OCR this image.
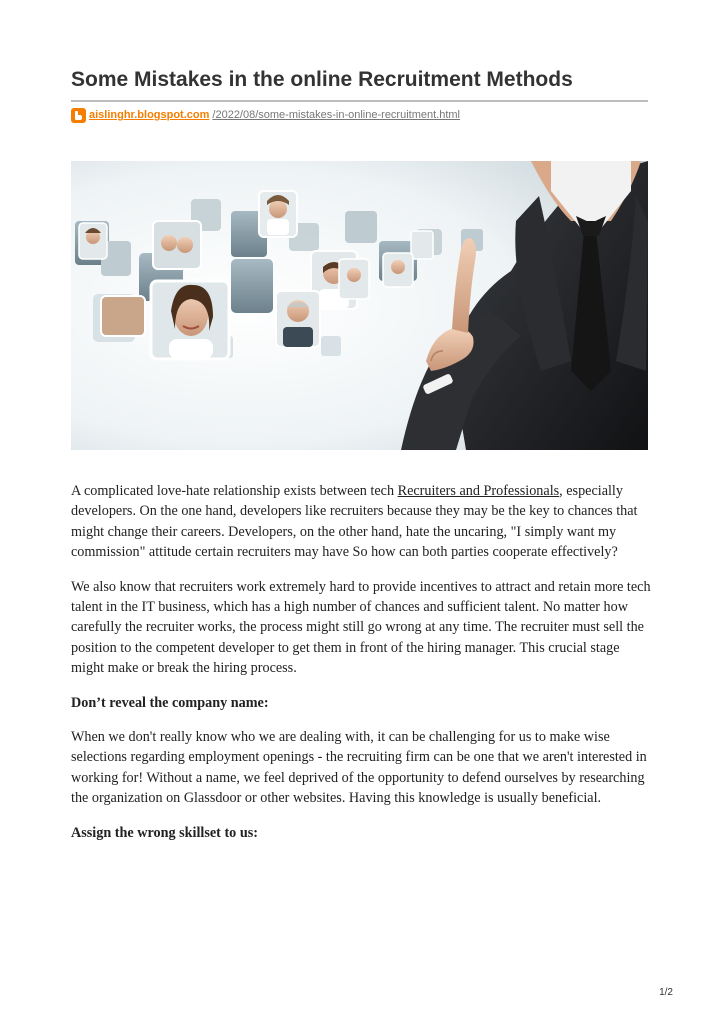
Some Mistakes in the online Recruitment Methods
aislinghr.blogspot.com /2022/08/some-mistakes-in-online-recruitment.html

A complicated love-hate relationship exists between tech Recruiters and Professionals, especially developers. On the one hand, developers like recruiters because they may be the key to chances that might change their careers. Developers, on the other hand, hate the uncaring, "I simply want my commission" attitude certain recruiters may have So how can both parties cooperate effectively?

We also know that recruiters work extremely hard to provide incentives to attract and retain more tech talent in the IT business, which has a high number of chances and sufficient talent. No matter how carefully the recruiter works, the process might still go wrong at any time. The recruiter must sell the position to the competent developer to get them in front of the hiring manager. This crucial stage might make or break the hiring process.

Don’t reveal the company name:

When we don't really know who we are dealing with, it can be challenging for us to make wise selections regarding employment openings - the recruiting firm can be one that we aren't interested in working for! Without a name, we feel deprived of the opportunity to defend ourselves by researching the organization on Glassdoor or other websites. Having this knowledge is usually beneficial.

Assign the wrong skillset to us:

1/2
